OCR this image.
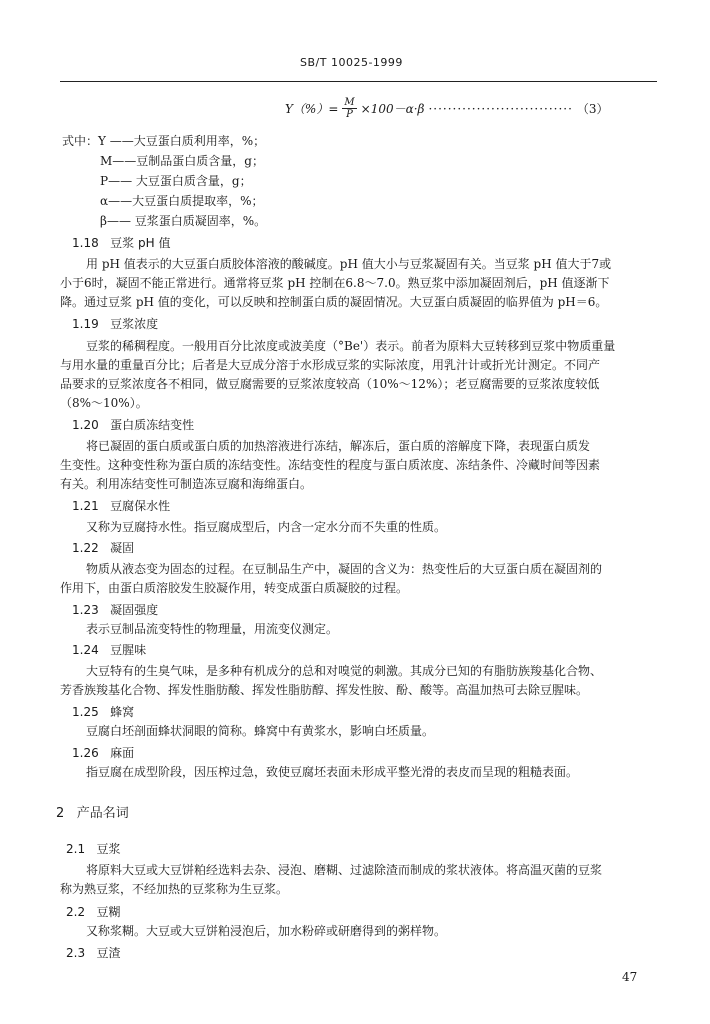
SB/T 10025-1999
$Y(\%)= \frac{M}{P} \times 100-\alpha\cdot\beta$ ······························ （3）
式中：Y ——大豆蛋白质利用率，%；
M——豆制品蛋白质含量，g；
P—— 大豆蛋白质含量，g；
α——大豆蛋白质提取率，%；
β—— 豆浆蛋白质凝固率，%。
1.18 豆浆 pH 值
用 pH 值表示的大豆蛋白质胶体溶液的酸碱度。pH 值大小与豆浆凝固有关。当豆浆 pH 值大于7或
小于6时，凝固不能正常进行。通常将豆浆 pH 控制在6.8～7.0。熟豆浆中添加凝固剂后，pH 值逐渐下
降。通过豆浆 pH 值的变化，可以反映和控制蛋白质的凝固情况。大豆蛋白质凝固的临界值为 pH＝6。
1.19 豆浆浓度
豆浆的稀稠程度。一般用百分比浓度或波美度（°Be'）表示。前者为原料大豆转移到豆浆中物质重量
与用水量的重量百分比；后者是大豆成分溶于水形成豆浆的实际浓度，用乳汁计或折光计测定。不同产
品要求的豆浆浓度各不相同，做豆腐需要的豆浆浓度较高（10%～12%）；老豆腐需要的豆浆浓度较低
（8%～10%）。
1.20 蛋白质冻结变性
将已凝固的蛋白质或蛋白质的加热溶液进行冻结，解冻后，蛋白质的溶解度下降，表现蛋白质发
生变性。这种变性称为蛋白质的冻结变性。冻结变性的程度与蛋白质浓度、冻结条件、冷藏时间等因素
有关。利用冻结变性可制造冻豆腐和海绵蛋白。
1.21 豆腐保水性
又称为豆腐持水性。指豆腐成型后，内含一定水分而不失重的性质。
1.22 凝固
物质从液态变为固态的过程。在豆制品生产中，凝固的含义为：热变性后的大豆蛋白质在凝固剂的
作用下，由蛋白质溶胶发生胶凝作用，转变成蛋白质凝胶的过程。
1.23 凝固强度
表示豆制品流变特性的物理量，用流变仪测定。
1.24 豆腥味
大豆特有的生臭气味，是多种有机成分的总和对嗅觉的刺激。其成分已知的有脂肪族羧基化合物、
芳香族羧基化合物、挥发性脂肪酸、挥发性脂肪醇、挥发性胺、酚、酸等。高温加热可去除豆腥味。
1.25 蜂窝
豆腐白坯剖面蜂状洞眼的简称。蜂窝中有黄浆水，影响白坯质量。
1.26 麻面
指豆腐在成型阶段，因压榨过急，致使豆腐坯表面未形成平整光滑的表皮而呈现的粗糙表面。
2 产品名词
2.1 豆浆
将原料大豆或大豆饼粕经选料去杂、浸泡、磨糊、过滤除渣而制成的浆状液体。将高温灭菌的豆浆
称为熟豆浆，不经加热的豆浆称为生豆浆。
2.2 豆糊
又称浆糊。大豆或大豆饼粕浸泡后，加水粉碎或研磨得到的粥样物。
2.3 豆渣
47
